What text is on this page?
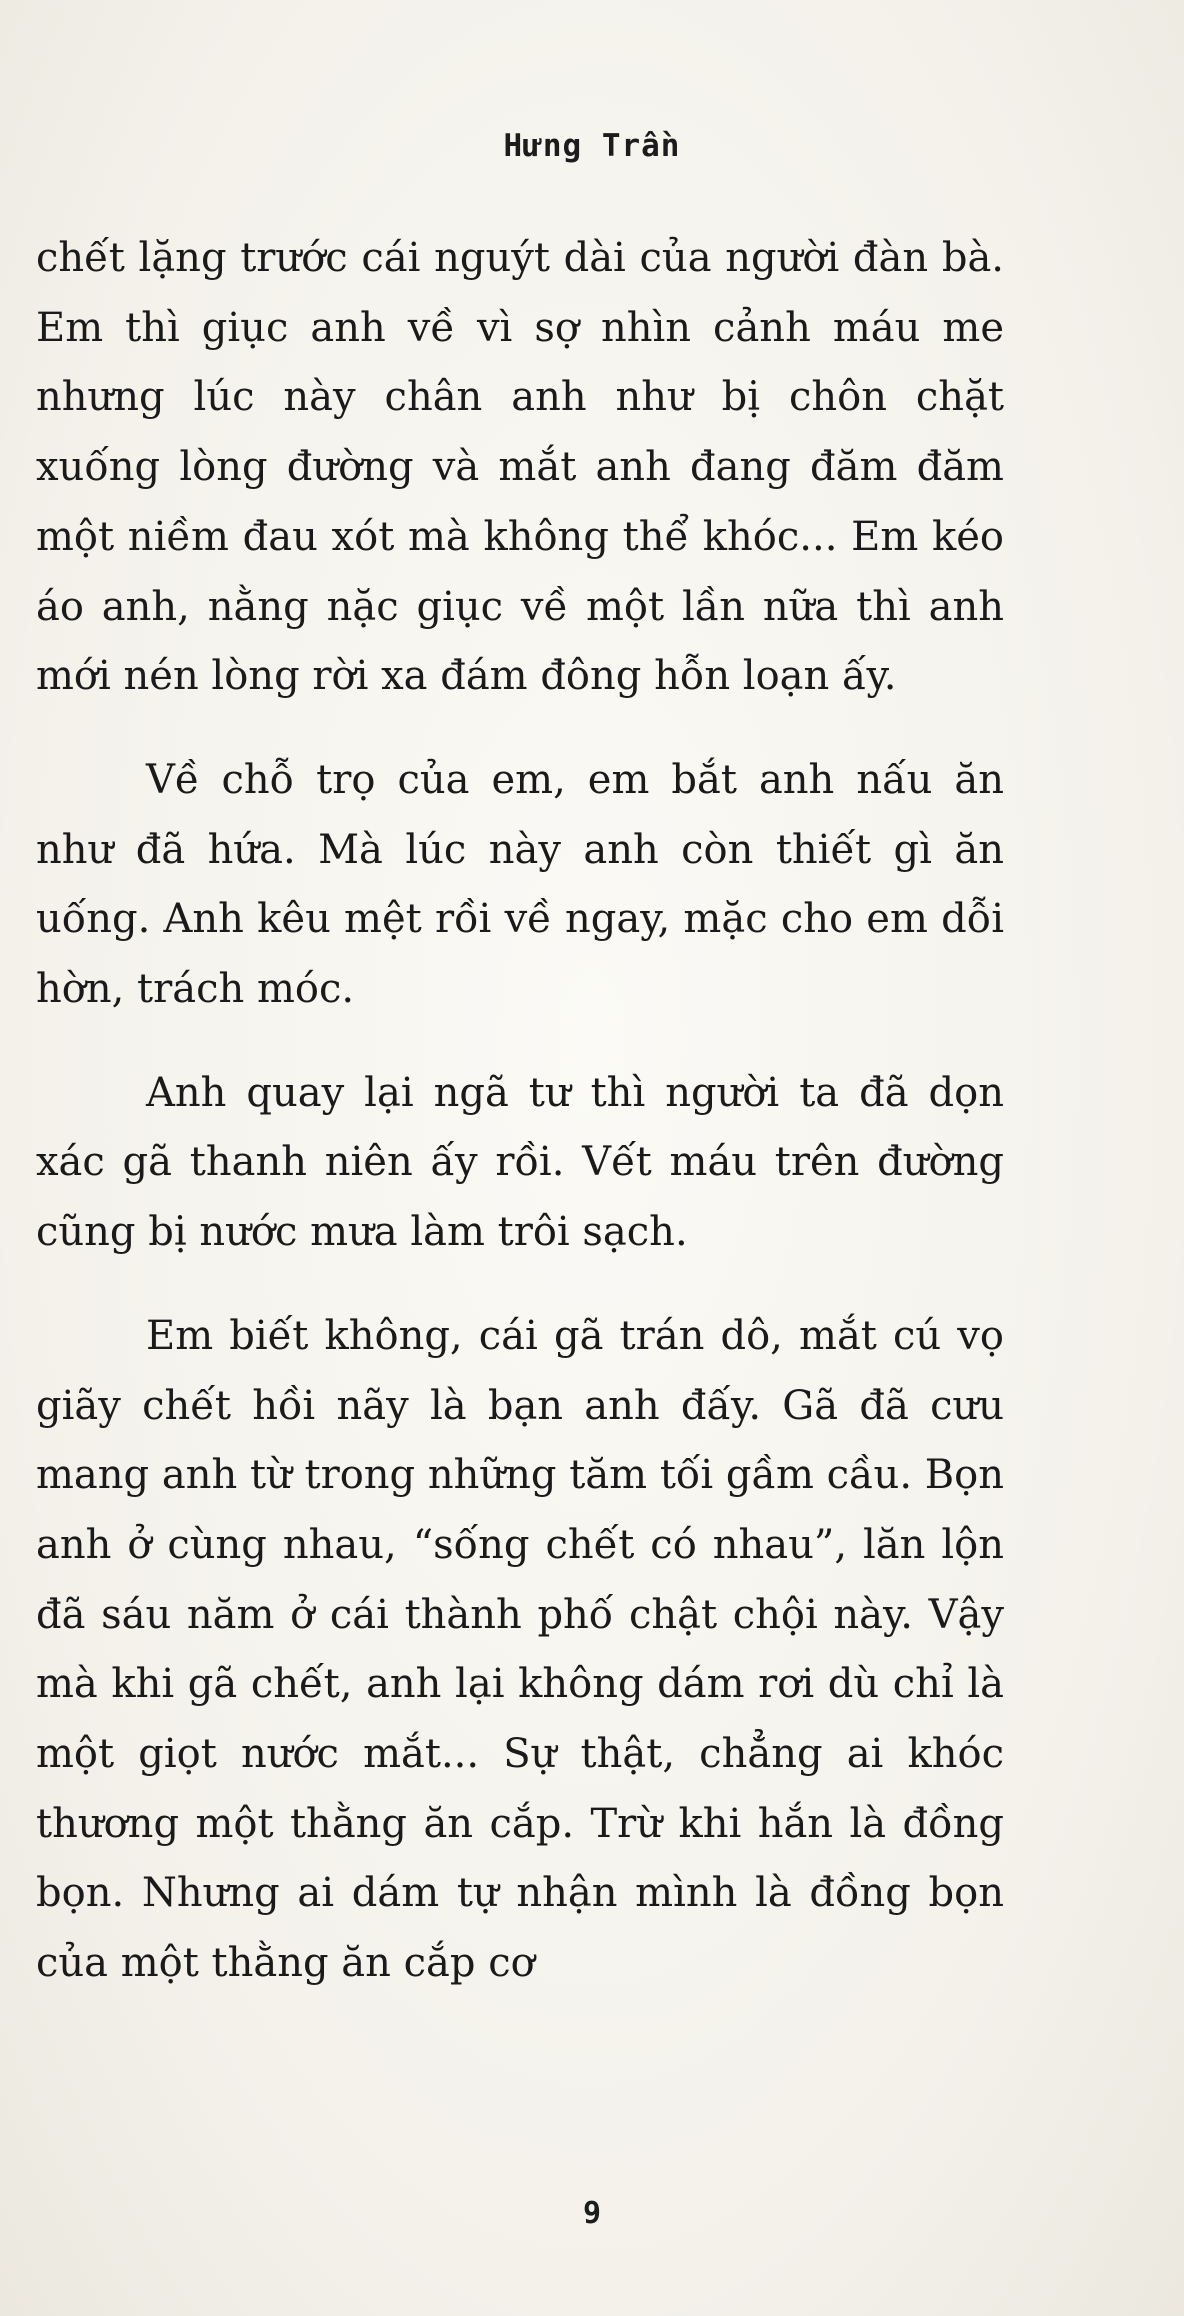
Hưng Trần

chết lặng trước cái nguýt dài của người đàn bà. Em thì giục anh về vì sợ nhìn cảnh máu me nhưng lúc này chân anh như bị chôn chặt xuống lòng đường và mắt anh đang đăm đăm một niềm đau xót mà không thể khóc... Em kéo áo anh, nằng nặc giục về một lần nữa thì anh mới nén lòng rời xa đám đông hỗn loạn ấy.

Về chỗ trọ của em, em bắt anh nấu ăn như đã hứa. Mà lúc này anh còn thiết gì ăn uống. Anh kêu mệt rồi về ngay, mặc cho em dỗi hờn, trách móc.

Anh quay lại ngã tư thì người ta đã dọn xác gã thanh niên ấy rồi. Vết máu trên đường cũng bị nước mưa làm trôi sạch.

Em biết không, cái gã trán dô, mắt cú vọ giãy chết hồi nãy là bạn anh đấy. Gã đã cưu mang anh từ trong những tăm tối gầm cầu. Bọn anh ở cùng nhau, “sống chết có nhau”, lăn lộn đã sáu năm ở cái thành phố chật chội này. Vậy mà khi gã chết, anh lại không dám rơi dù chỉ là một giọt nước mắt... Sự thật, chẳng ai khóc thương một thằng ăn cắp. Trừ khi hắn là đồng bọn. Nhưng ai dám tự nhận mình là đồng bọn của một thằng ăn cắp cơ

9
